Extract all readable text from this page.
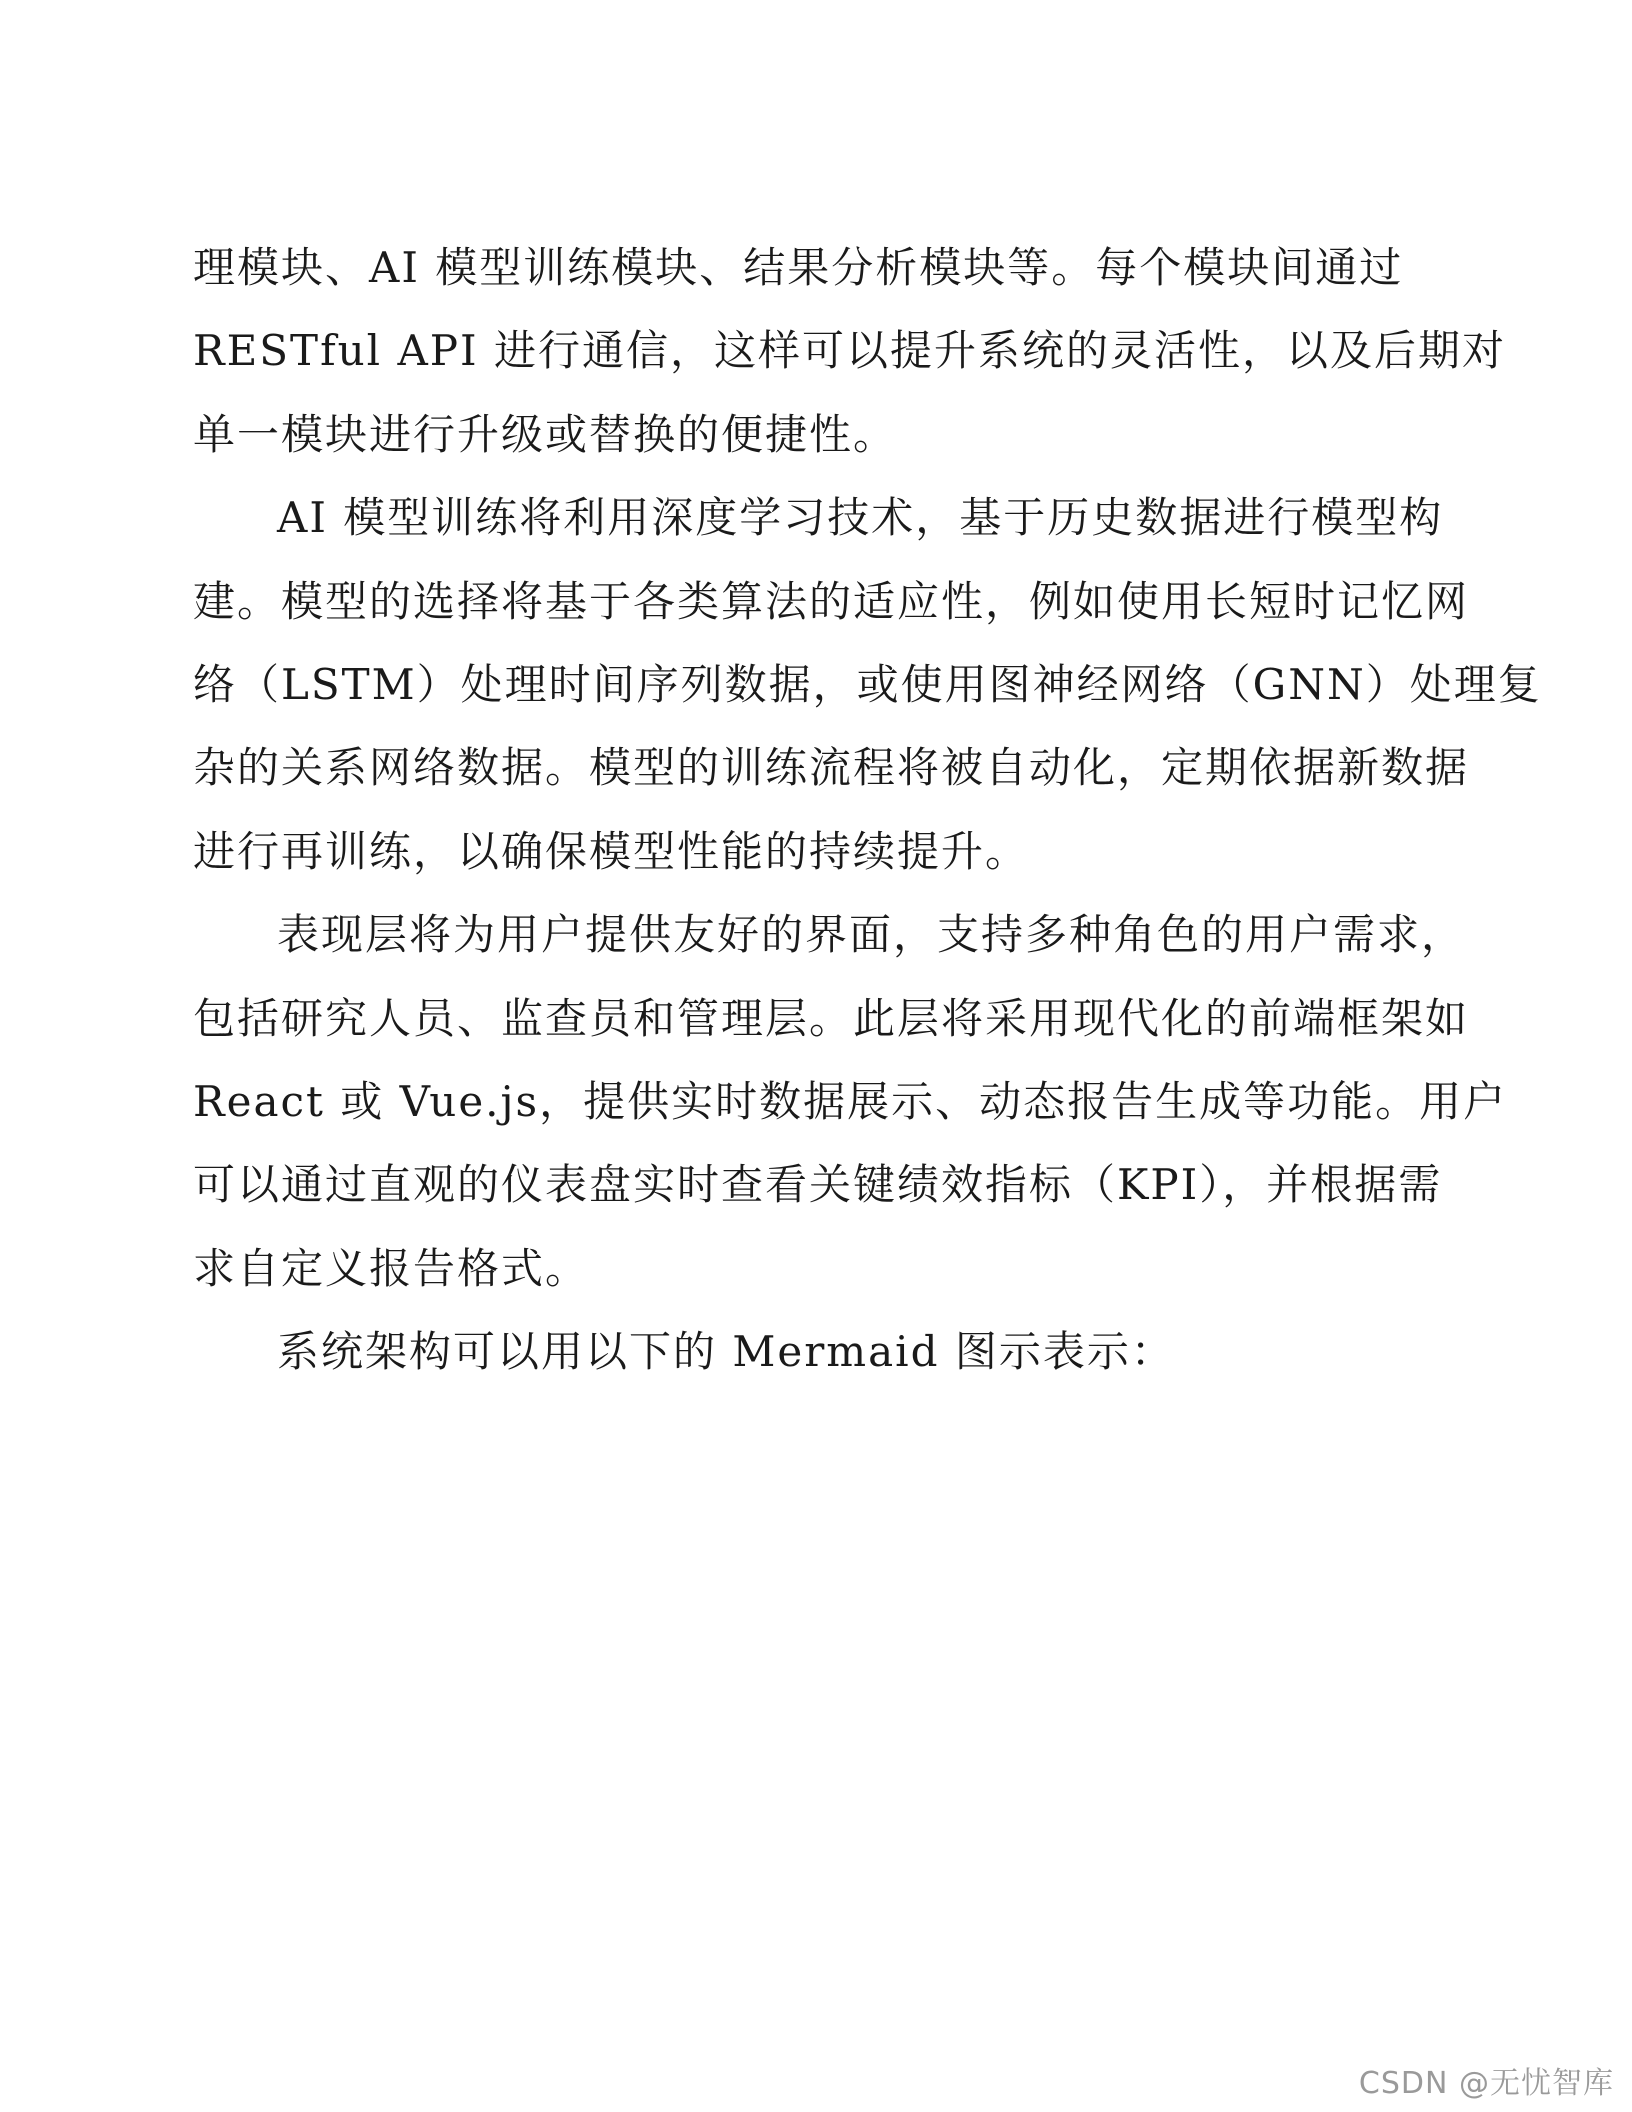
理模块、AI 模型训练模块、结果分析模块等。每个模块间通过
RESTful API 进行通信，这样可以提升系统的灵活性，以及后期对
单一模块进行升级或替换的便捷性。

AI 模型训练将利用深度学习技术，基于历史数据进行模型构
建。模型的选择将基于各类算法的适应性，例如使用长短时记忆网
络（LSTM）处理时间序列数据，或使用图神经网络（GNN）处理复
杂的关系网络数据。模型的训练流程将被自动化，定期依据新数据
进行再训练，以确保模型性能的持续提升。

表现层将为用户提供友好的界面，支持多种角色的用户需求，
包括研究人员、监查员和管理层。此层将采用现代化的前端框架如
React 或 Vue.js，提供实时数据展示、动态报告生成等功能。用户
可以通过直观的仪表盘实时查看关键绩效指标（KPI），并根据需
求自定义报告格式。

系统架构可以用以下的 Mermaid 图示表示：

CSDN @无忧智库
